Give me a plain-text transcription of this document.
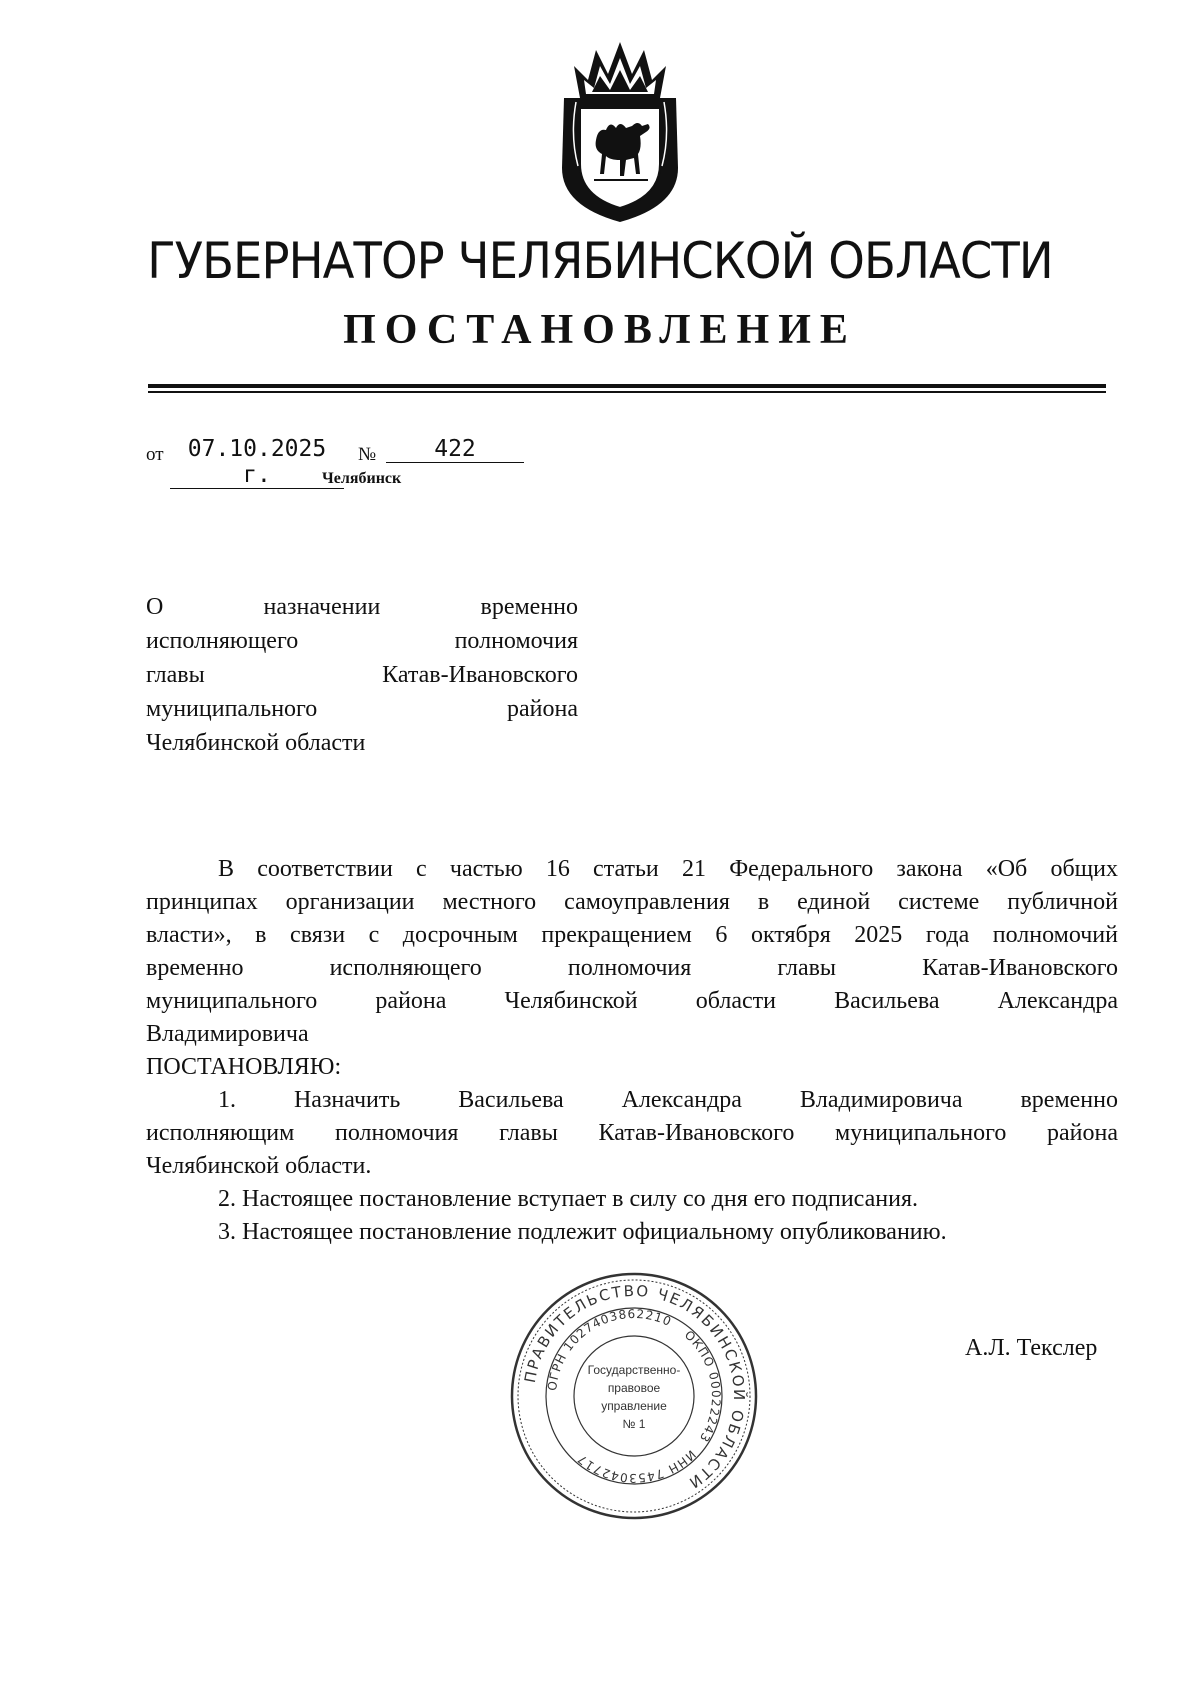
ГУБЕРНАТОР ЧЕЛЯБИНСКОЙ ОБЛАСТИ
ПОСТАНОВЛЕНИЕ
от	07.10.2025 г.
№	422
Челябинск
О назначении временно
исполняющего полномочия
главы Катав-Ивановского
муниципального района
Челябинской области
В соответствии с частью 16 статьи 21 Федерального закона «Об общих
принципах организации местного самоуправления в единой системе публичной
власти», в связи с досрочным прекращением 6 октября 2025 года полномочий
временно исполняющего полномочия главы Катав-Ивановского
муниципального района Челябинской области Васильева Александра
Владимировича
ПОСТАНОВЛЯЮ:
1. Назначить Васильева Александра Владимировича временно
исполняющим полномочия главы Катав-Ивановского муниципального района
Челябинской области.
2. Настоящее постановление вступает в силу со дня его подписания.
3. Настоящее постановление подлежит официальному опубликованию.
ПРАВИТЕЛЬСТВО ЧЕЛЯБИНСКОЙ ОБЛАСТИ
ОГРН 1027403862210
ОКПО 00022243
ИНН 7453042717
Государственно-
правовое
управление
№ 1
А.Л. Текслер
